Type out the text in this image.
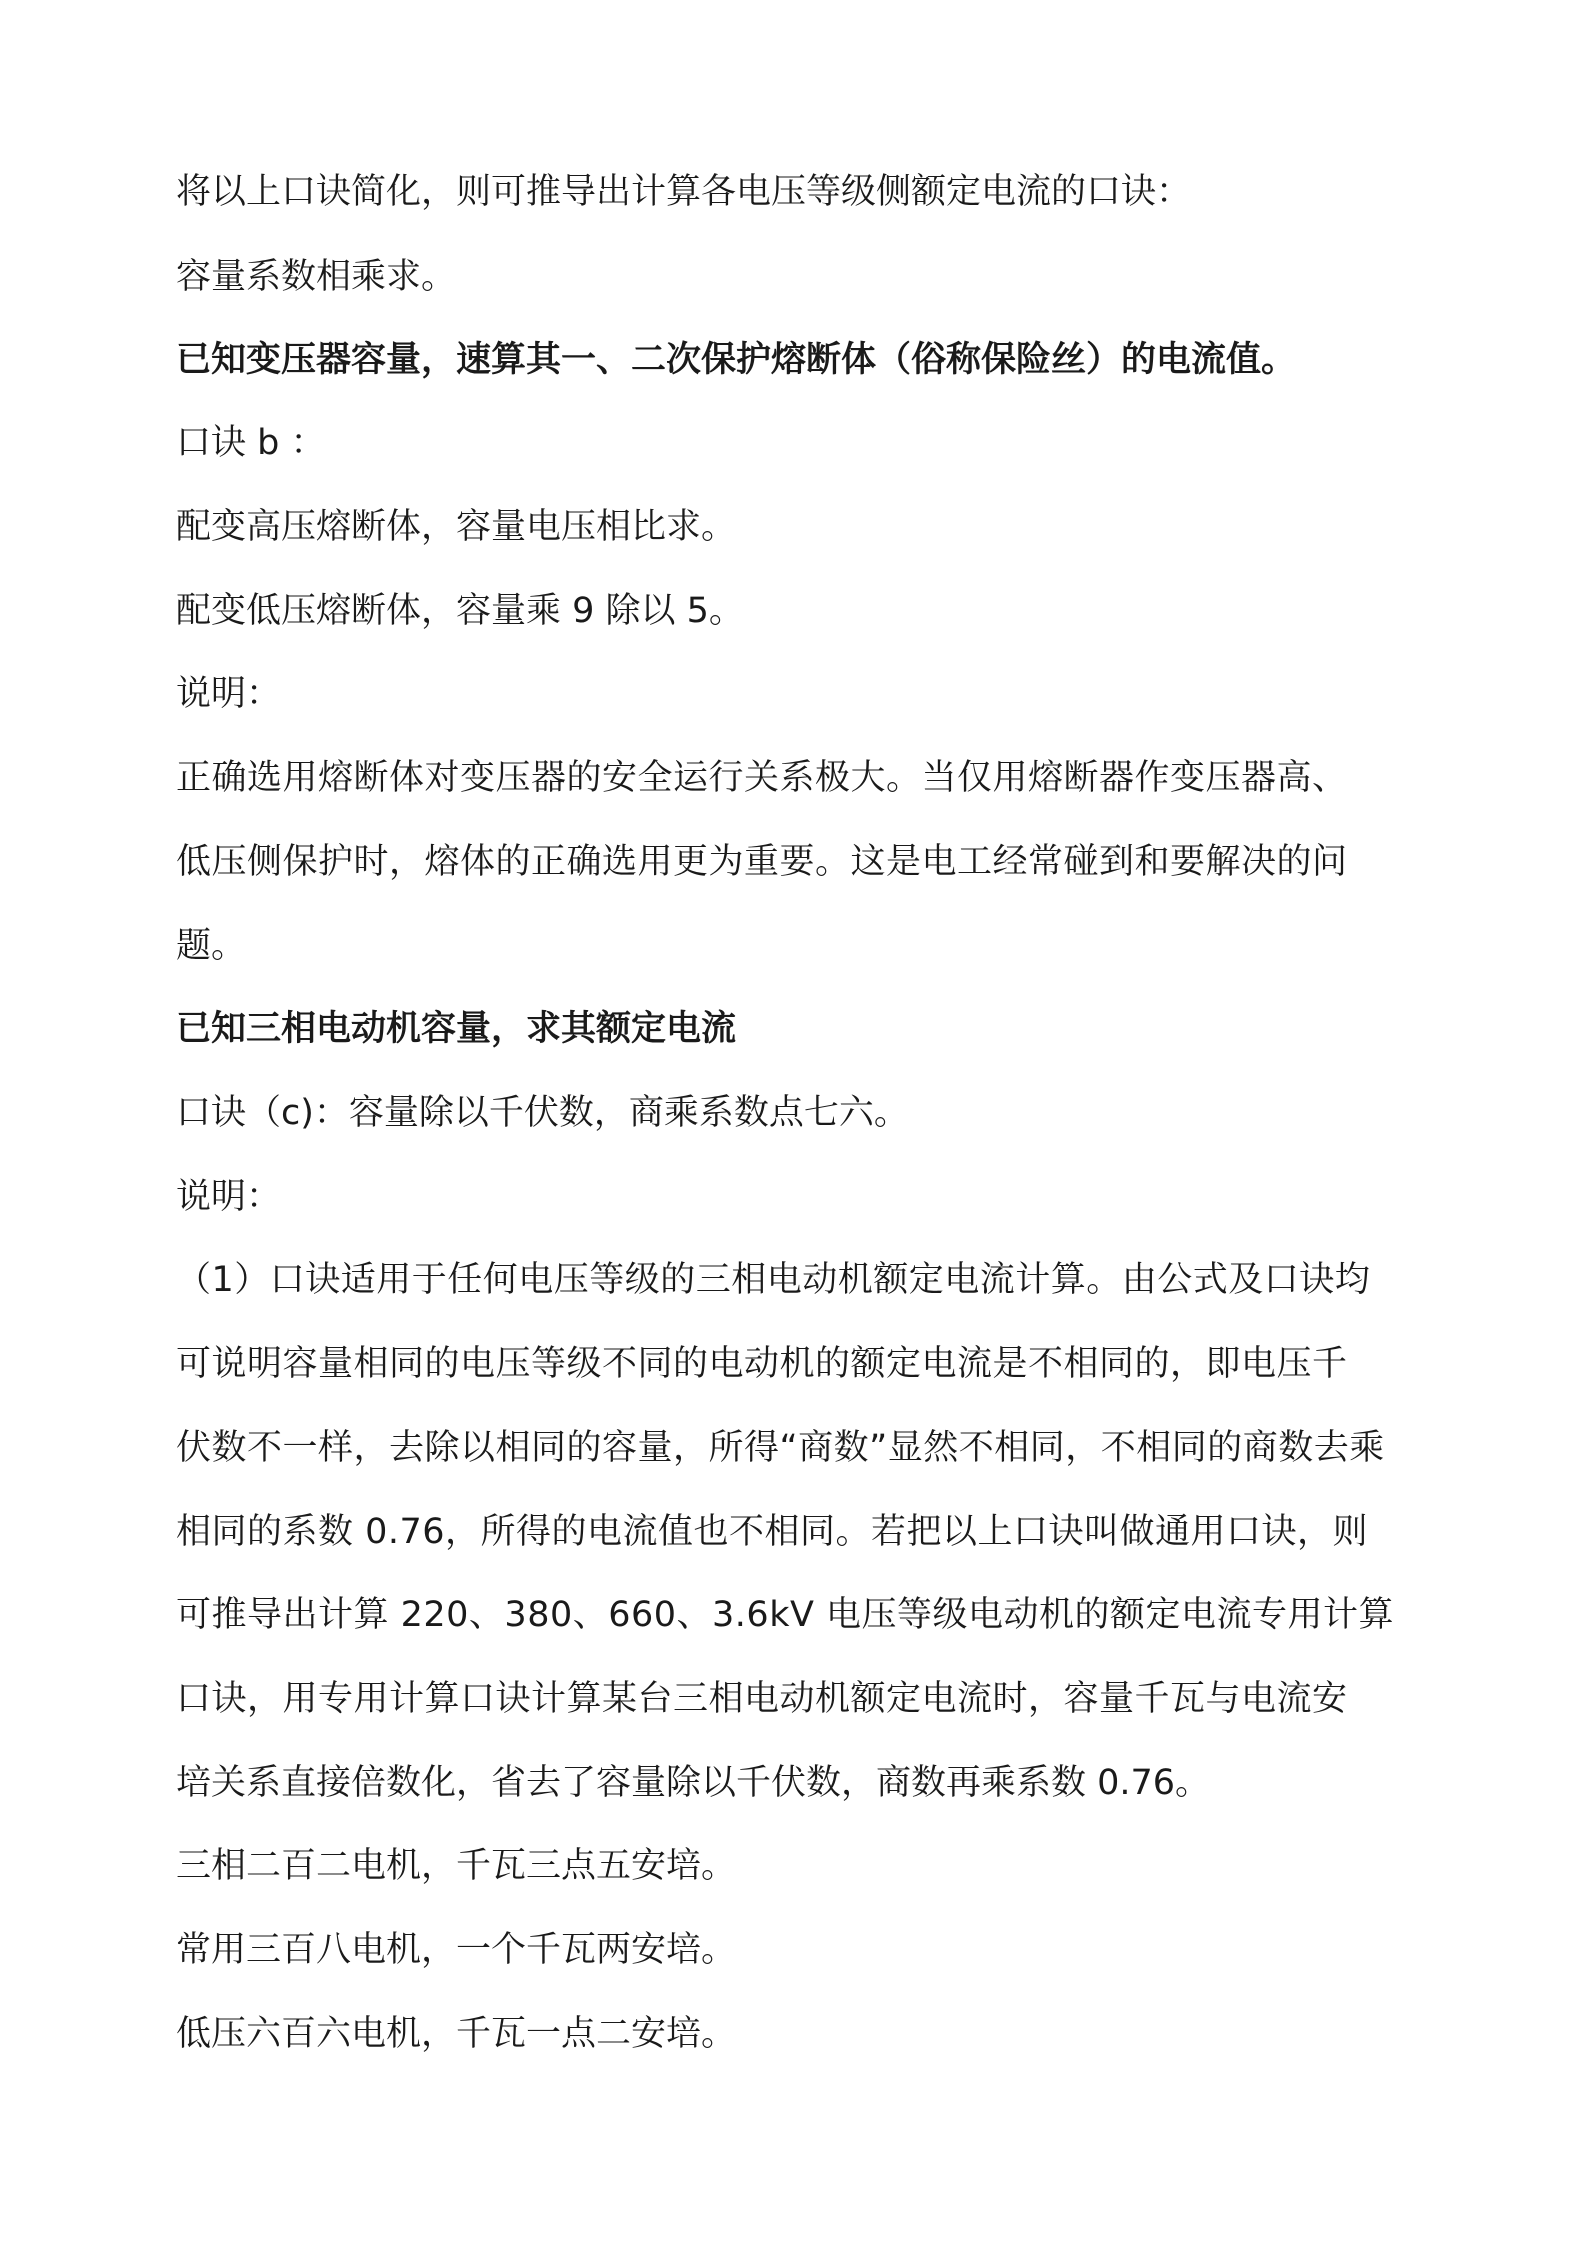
将以上口诀简化，则可推导出计算各电压等级侧额定电流的口诀：
容量系数相乘求。
已知变压器容量，速算其一、二次保护熔断体（俗称保险丝）的电流值。
口诀 b ：
配变高压熔断体，容量电压相比求。
配变低压熔断体，容量乘 9 除以 5。
说明：
正确选用熔断体对变压器的安全运行关系极大。当仅用熔断器作变压器高、
低压侧保护时，熔体的正确选用更为重要。这是电工经常碰到和要解决的问
题。
已知三相电动机容量，求其额定电流
口诀（c)：容量除以千伏数，商乘系数点七六。
说明：
（1）口诀适用于任何电压等级的三相电动机额定电流计算。由公式及口诀均
可说明容量相同的电压等级不同的电动机的额定电流是不相同的，即电压千
伏数不一样，去除以相同的容量，所得“商数”显然不相同，不相同的商数去乘
相同的系数 0.76，所得的电流值也不相同。若把以上口诀叫做通用口诀，则
可推导出计算 220、380、660、3.6kV 电压等级电动机的额定电流专用计算
口诀，用专用计算口诀计算某台三相电动机额定电流时，容量千瓦与电流安
培关系直接倍数化，省去了容量除以千伏数，商数再乘系数 0.76。
三相二百二电机，千瓦三点五安培。
常用三百八电机，一个千瓦两安培。
低压六百六电机，千瓦一点二安培。
